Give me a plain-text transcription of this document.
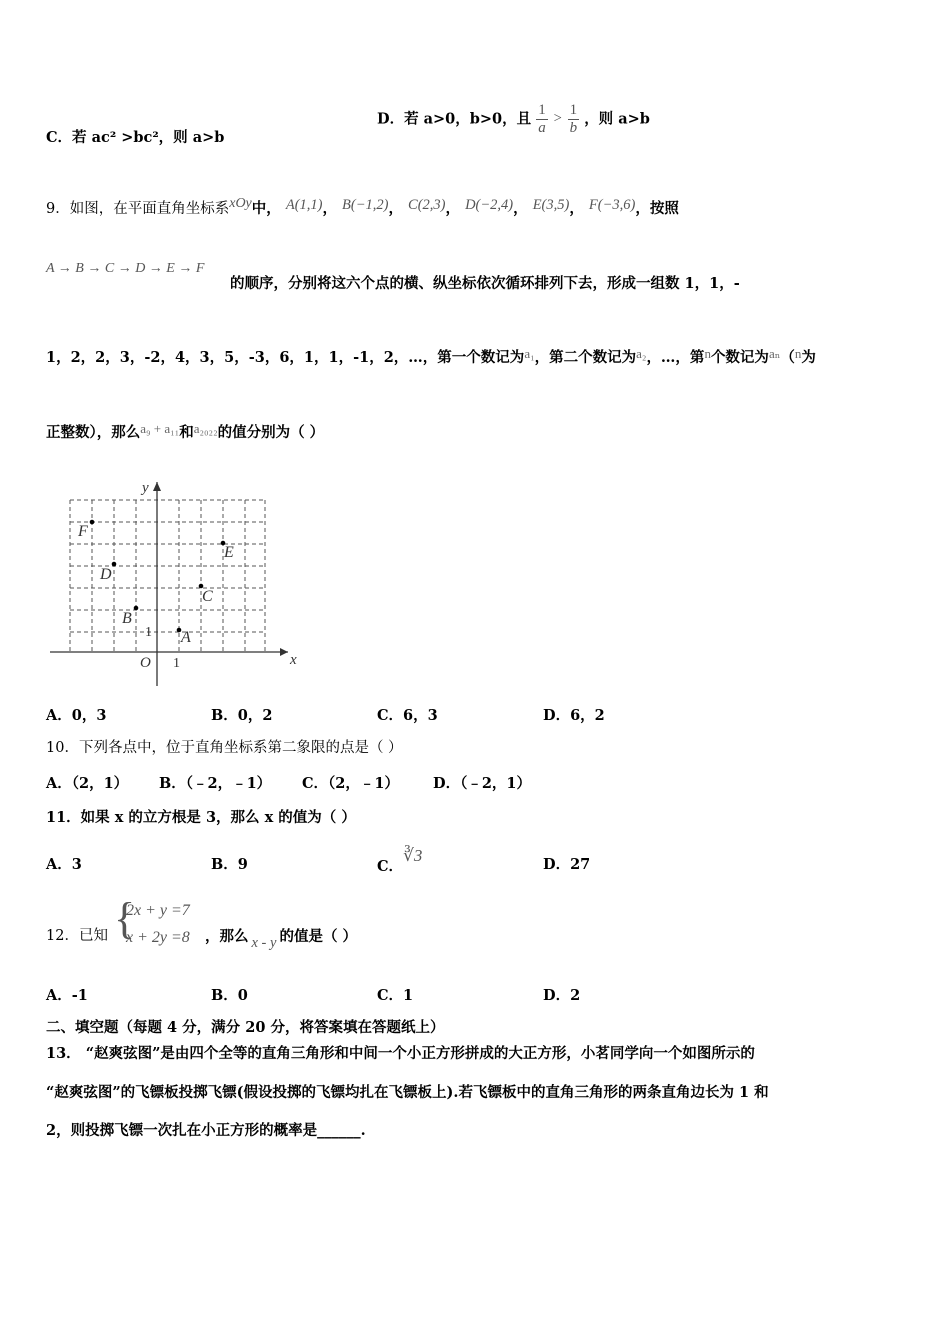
C．若 ac² >bc²，则 a>b
D．若 a>0，b>0，且 $\frac{1}{a} > \frac{1}{b}$ ，则 a>b
9．如图，在平面直角坐标系xOy中， A(1,1)， B(−1,2)， C(2,3)， D(−2,4)， E(3,5)， F(−3,6)，按照
A → B → C → D → E → F
的顺序，分别将这六个点的横、纵坐标依次循环排列下去，形成一组数 1，1，-
1，2，2，3，-2，4，3，5，-3，6，1，1，-1，2，…，第一个数记为a₁，第二个数记为a₂，…，第n个数记为aₙ（n为
正整数），那么a₉ + a₁₁和a₂₀₂₂的值分别为（ ）
x
y
O 1
1 A
B
C
D
E
F
A．0，3	B．0，2	C．6，3	D．6，2
10．下列各点中，位于直角坐标系第二象限的点是（ ）
A．（2，1） B．（﹣2，﹣1） C．（2，﹣1） D．（﹣2，1）
11．如果 x 的立方根是 3，那么 x 的值为（ ）
A．3	B．9	C．∛3	D．27
12．已知 {
2x + y =7
x + 2y =8 ，那么 x - y 的值是（ ）
A．-1	B．0	C．1	D．2
二、填空题（每题 4 分，满分 20 分，将答案填在答题纸上）
13． “赵爽弦图”是由四个全等的直角三角形和中间一个小正方形拼成的大正方形，小茗同学向一个如图所示的
“赵爽弦图”的飞镖板投掷飞镖(假设投掷的飞镖均扎在飞镖板上).若飞镖板中的直角三角形的两条直角边长为 1 和
2，则投掷飞镖一次扎在小正方形的概率是______.
